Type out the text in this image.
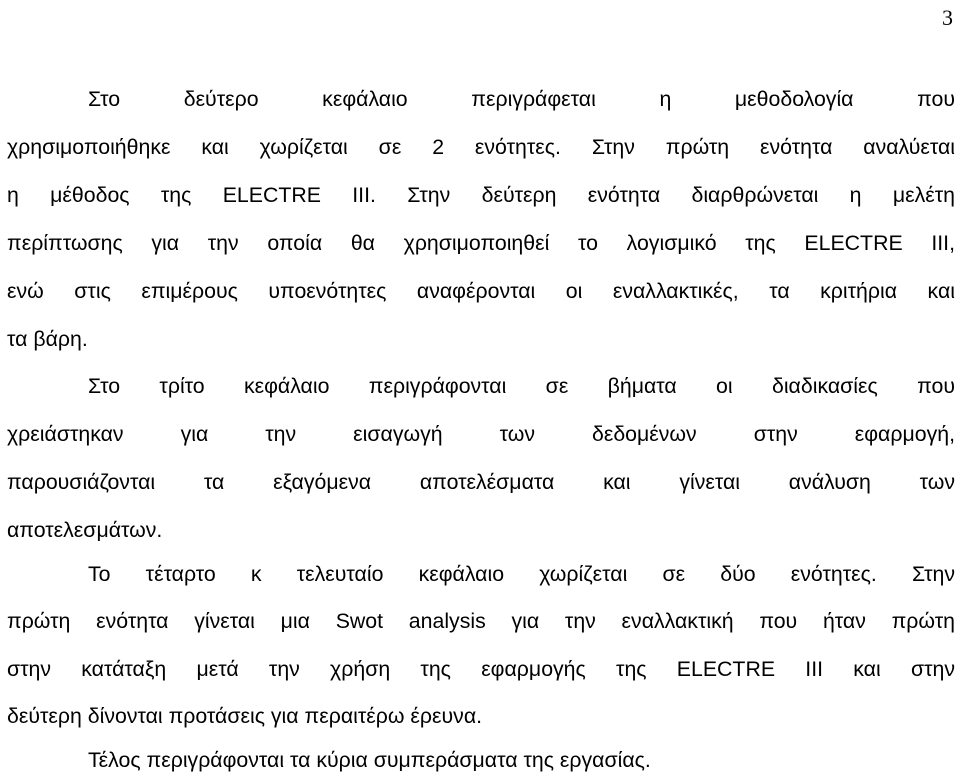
3
Στο δεύτερο κεφάλαιο περιγράφεται η μεθοδολογία που
χρησιμοποιήθηκε και χωρίζεται σε 2 ενότητες. Στην πρώτη ενότητα αναλύεται
η μέθοδος της ELECTRE III. Στην δεύτερη ενότητα διαρθρώνεται η μελέτη
περίπτωσης για την οποία θα χρησιμοποιηθεί το λογισμικό της ELECTRE III,
ενώ στις επιμέρους υποενότητες αναφέρονται οι εναλλακτικές, τα κριτήρια και
τα βάρη.
Στο τρίτο κεφάλαιο περιγράφονται σε βήματα οι διαδικασίες που
χρειάστηκαν για την εισαγωγή των δεδομένων στην εφαρμογή,
παρουσιάζονται τα εξαγόμενα αποτελέσματα και γίνεται ανάλυση των
αποτελεσμάτων.
Το τέταρτο κ τελευταίο κεφάλαιο χωρίζεται σε δύο ενότητες. Στην
πρώτη ενότητα γίνεται μια Swot analysis για την εναλλακτική που ήταν πρώτη
στην κατάταξη μετά την χρήση της εφαρμογής της ELECTRE III και στην
δεύτερη δίνονται προτάσεις για περαιτέρω έρευνα.
Τέλος περιγράφονται τα κύρια συμπεράσματα της εργασίας.
